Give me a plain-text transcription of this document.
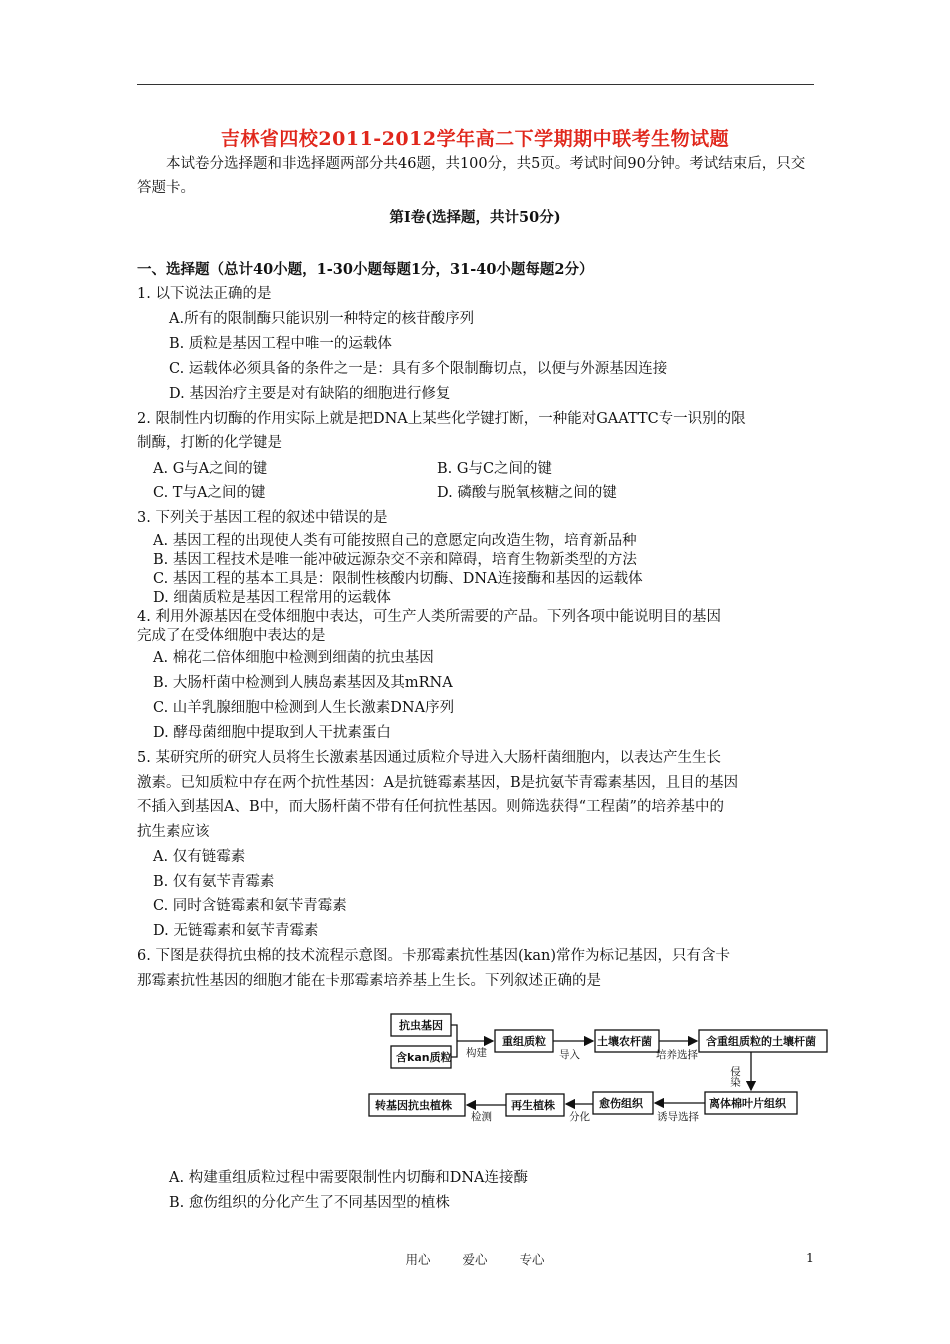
吉林省四校2011-2012学年高二下学期期中联考生物试题
本试卷分选择题和非选择题两部分共46题，共100分，共5页。考试时间90分钟。考试结束后，只交答题卡。
第Ⅰ卷(选择题，共计50分)
一、选择题（总计40小题，1-30小题每题1分，31-40小题每题2分）
1. 以下说法正确的是
A.所有的限制酶只能识别一种特定的核苷酸序列
B. 质粒是基因工程中唯一的运载体
C. 运载体必须具备的条件之一是：具有多个限制酶切点，以便与外源基因连接
D. 基因治疗主要是对有缺陷的细胞进行修复
2. 限制性内切酶的作用实际上就是把DNA上某些化学键打断，一种能对GAATTC专一识别的限
制酶，打断的化学键是
A. G与A之间的键	B. G与C之间的键
C. T与A之间的键	D. 磷酸与脱氧核糖之间的键
3. 下列关于基因工程的叙述中错误的是
A. 基因工程的出现使人类有可能按照自己的意愿定向改造生物，培育新品种
B. 基因工程技术是唯一能冲破远源杂交不亲和障碍，培育生物新类型的方法
C. 基因工程的基本工具是：限制性核酸内切酶、DNA连接酶和基因的运载体
D. 细菌质粒是基因工程常用的运载体
4. 利用外源基因在受体细胞中表达，可生产人类所需要的产品。下列各项中能说明目的基因
完成了在受体细胞中表达的是
A. 棉花二倍体细胞中检测到细菌的抗虫基因
B. 大肠杆菌中检测到人胰岛素基因及其mRNA
C. 山羊乳腺细胞中检测到人生长激素DNA序列
D. 酵母菌细胞中提取到人干扰素蛋白
5. 某研究所的研究人员将生长激素基因通过质粒介导进入大肠杆菌细胞内，以表达产生生长
激素。已知质粒中存在两个抗性基因：A是抗链霉素基因，B是抗氨苄青霉素基因，且目的基因
不插入到基因A、B中，而大肠杆菌不带有任何抗性基因。则筛选获得“工程菌”的培养基中的
抗生素应该
A. 仅有链霉素
B. 仅有氨苄青霉素
C. 同时含链霉素和氨苄青霉素
D. 无链霉素和氨苄青霉素
6. 下图是获得抗虫棉的技术流程示意图。卡那霉素抗性基因(kan)常作为标记基因，只有含卡
那霉素抗性基因的细胞才能在卡那霉素培养基上生长。下列叙述正确的是
抗虫基因
含kan质粒
重组质粒	土壤农杆菌	含重组质粒的土壤杆菌
离体棉叶片组织
愈伤组织
再生植株
转基因抗虫植株
构建	导入	培养选择
诱导选择
分化
检测
侵染
A. 构建重组质粒过程中需要限制性内切酶和DNA连接酶
B. 愈伤组织的分化产生了不同基因型的植株
用心	爱心	专心	1
